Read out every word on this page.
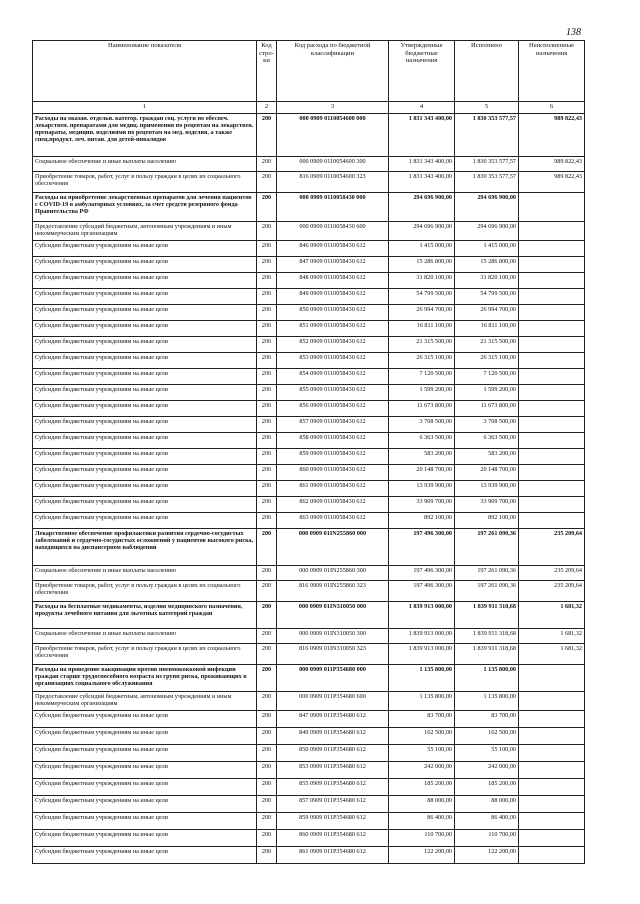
138
Наименование показателя	Код стро-ки	Код расхода по бюджетной классификации	Утвержденные бюджетные назначения	Исполнено	Неисполненные назначения
1	2	3	4	5	6
Расходы на оказан. отдельн. категор. граждан соц. услуги по обеспеч. лекарствен. препаратами для медиц. применения по рецептам на лекарствен. препараты, медицин. изделиями по рецептам на мед. изделия, а также спец.продукт. леч. питан. для детей-инвалидов	200	000 0909 0110054600 000	1 831 343 400,00	1 830 353 577,57	989 822,43
Социальное обеспечение и иные выплаты населению	200	000 0909 0110054600 300	1 831 343 400,00	1 830 353 577,57	989 822,43
Приобретение товаров, работ, услуг в пользу граждан в целях их социального обеспечения	200	816 0909 0110054600 323	1 831 343 400,00	1 830 353 577,57	989 822,43
Расходы на приобретение лекарственных препаратов для лечения пациентов с COVID-19 в амбулаторных условиях, за счет средств резервного фонда Правительства РФ	200	000 0909 0110058430 000	294 696 900,00	294 696 900,00	
Предоставление субсидий бюджетным, автономным учреждениям и иным некоммерческим организациям	200	000 0909 0110058430 600	294 696 900,00	294 696 900,00	
Субсидии бюджетным учреждениям на иные цели	200	846 0909 0110058430 612	1 415 000,00	1 415 000,00	
Субсидии бюджетным учреждениям на иные цели	200	847 0909 0110058430 612	15 286 800,00	15 286 800,00	
Субсидии бюджетным учреждениям на иные цели	200	848 0909 0110058430 612	31 820 100,00	31 820 100,00	
Субсидии бюджетным учреждениям на иные цели	200	849 0909 0110058430 612	54 799 500,00	54 799 500,00	
Субсидии бюджетным учреждениям на иные цели	200	850 0909 0110058430 612	26 994 700,00	26 994 700,00	
Субсидии бюджетным учреждениям на иные цели	200	851 0909 0110058430 612	16 811 100,00	16 811 100,00	
Субсидии бюджетным учреждениям на иные цели	200	852 0909 0110058430 612	21 315 500,00	21 315 500,00	
Субсидии бюджетным учреждениям на иные цели	200	853 0909 0110058430 612	26 315 100,00	26 315 100,00	
Субсидии бюджетным учреждениям на иные цели	200	854 0909 0110058430 612	7 120 500,00	7 120 500,00	
Субсидии бюджетным учреждениям на иные цели	200	855 0909 0110058430 612	1 599 200,00	1 599 200,00	
Субсидии бюджетным учреждениям на иные цели	200	856 0909 0110058430 612	11 673 800,00	11 673 800,00	
Субсидии бюджетным учреждениям на иные цели	200	857 0909 0110058430 612	3 708 500,00	3 708 500,00	
Субсидии бюджетным учреждениям на иные цели	200	858 0909 0110058430 612	6 363 500,00	6 363 500,00	
Субсидии бюджетным учреждениям на иные цели	200	859 0909 0110058430 612	583 200,00	583 200,00	
Субсидии бюджетным учреждениям на иные цели	200	860 0909 0110058430 612	20 148 700,00	20 148 700,00	
Субсидии бюджетным учреждениям на иные цели	200	861 0909 0110058430 612	13 939 900,00	13 939 900,00	
Субсидии бюджетным учреждениям на иные цели	200	862 0909 0110058430 612	33 909 700,00	33 909 700,00	
Субсидии бюджетным учреждениям на иные цели	200	863 0909 0110058430 612	892 100,00	892 100,00	
Лекарственное обеспечение профилактики развития сердечно-сосудистых заболеваний и сердечно-сосудистых осложнений у пациентов высокого риска, находящихся на диспансерном наблюдении	200	000 0909 01IN255860 000	197 496 300,00	197 261 090,36	235 209,64
Социальное обеспечение и иные выплаты населению	200	000 0909 01IN255860 300	197 496 300,00	197 261 090,36	235 209,64
Приобретение товаров, работ, услуг в пользу граждан в целях их социального обеспечения	200	816 0909 01IN255860 323	197 496 300,00	197 261 090,36	235 209,64
Расходы на бесплатные медикаменты, изделия медицинского назначения, продукты лечебного питания для льготных категорий граждан	200	000 0909 01IN310050 000	1 839 913 000,00	1 839 911 318,68	1 681,32
Социальное обеспечение и иные выплаты населению	200	000 0909 01IN310050 300	1 839 913 000,00	1 839 911 318,68	1 681,32
Приобретение товаров, работ, услуг в пользу граждан в целях их социального обеспечения	200	816 0909 01IN310050 323	1 839 913 000,00	1 839 911 318,68	1 681,32
Расходы на проведение вакцинации против пневмококковой инфекции граждан старше трудоспособного возраста из групп риска, проживающих в организациях социального обслуживания	200	000 0909 011P354680 000	1 135 800,00	1 135 800,00	
Предоставление субсидий бюджетным, автономным учреждениям и иным некоммерческим организациям	200	000 0909 011P354680 600	1 135 800,00	1 135 800,00	
Субсидии бюджетным учреждениям на иные цели	200	847 0909 011P354680 612	83 700,00	83 700,00	
Субсидии бюджетным учреждениям на иные цели	200	849 0909 011P354680 612	162 500,00	162 500,00	
Субсидии бюджетным учреждениям на иные цели	200	850 0909 011P354680 612	55 100,00	55 100,00	
Субсидии бюджетным учреждениям на иные цели	200	853 0909 011P354680 612	242 000,00	242 000,00	
Субсидии бюджетным учреждениям на иные цели	200	855 0909 011P354680 612	185 200,00	185 200,00	
Субсидии бюджетным учреждениям на иные цели	200	857 0909 011P354680 612	88 000,00	88 000,00	
Субсидии бюджетным учреждениям на иные цели	200	859 0909 011P354680 612	86 400,00	86 400,00	
Субсидии бюджетным учреждениям на иные цели	200	860 0909 011P354680 612	110 700,00	110 700,00	
Субсидии бюджетным учреждениям на иные цели	200	861 0909 011P354680 612	122 200,00	122 200,00	
